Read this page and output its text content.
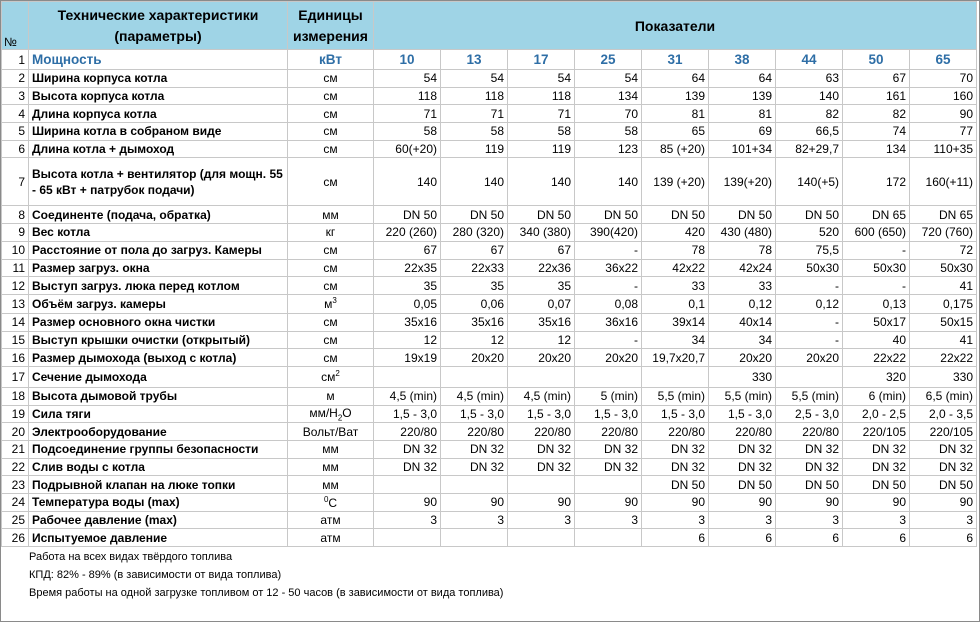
№	Технические характеристики (параметры)	Единицы измерения	Показатели								
1	Мощность	кВт	10	13	17	25	31	38	44	50	65
2	Ширина корпуса котла	см	54	54	54	54	64	64	63	67	70
3	Высота корпуса котла	см	118	118	118	134	139	139	140	161	160
4	Длина корпуса котла	см	71	71	71	70	81	81	82	82	90
5	Ширина котла в собраном виде	см	58	58	58	58	65	69	66,5	74	77
6	Длина котла + дымоход	см	60(+20)	119	119	123	85 (+20)	101+34	82+29,7	134	110+35
7	Высота котла + вентилятор (для мощн. 55 - 65 кВт + патрубок подачи)	см	140	140	140	140	139 (+20)	139(+20)	140(+5)	172	160(+11)
8	Соединенте (подача, обратка)	мм	DN 50	DN 50	DN 50	DN 50	DN 50	DN 50	DN 50	DN 65	DN 65
9	Вес котла	кг	220 (260)	280 (320)	340 (380)	390(420)	420	430 (480)	520	600 (650)	720 (760)
10	Расстояние от пола до загруз. Камеры	см	67	67	67	-	78	78	75,5	-	72
11	Размер загруз. окна	см	22х35	22х33	22х36	36х22	42х22	42х24	50х30	50х30	50х30
12	Выступ загруз. люка перед котлом	см	35	35	35	-	33	33	-	-	41
13	Объём загруз. камеры	$м^3$	0,05	0,06	0,07	0,08	0,1	0,12	0,12	0,13	0,175
14	Размер основного окна чистки	см	35х16	35х16	35х16	36х16	39х14	40х14	-	50х17	50х15
15	Выступ крышки очистки (открытый)	см	12	12	12	-	34	34	-	40	41
16	Размер дымохода (выход с котла)	см	19х19	20х20	20х20	20х20	19,7х20,7	20х20	20х20	22х22	22х22
17	Сечение дымохода	$см^2$						330		320	330
18	Высота дымовой трубы	м	4,5 (min)	4,5 (min)	4,5 (min)	5 (min)	5,5 (min)	5,5 (min)	5,5 (min)	6 (min)	6,5 (min)
19	Сила тяги	$мм/Н_2О$	1,5 - 3,0	1,5 - 3,0	1,5 - 3,0	1,5 - 3,0	1,5 - 3,0	1,5 - 3,0	2,5 - 3,0	2,0 - 2,5	2,0 - 3,5
20	Электрооборудование	Вольт/Ват	220/80	220/80	220/80	220/80	220/80	220/80	220/80	220/105	220/105
21	Подсоединение группы безопасности	мм	DN 32	DN 32	DN 32	DN 32	DN 32	DN 32	DN 32	DN 32	DN 32
22	Слив воды с котла	мм	DN 32	DN 32	DN 32	DN 32	DN 32	DN 32	DN 32	DN 32	DN 32
23	Подрывной клапан на люке топки	мм					DN 50	DN 50	DN 50	DN 50	DN 50
24	Температура воды (max)	$^0$С	90	90	90	90	90	90	90	90	90
25	Рабочее давление (max)	атм	3	3	3	3	3	3	3	3	3
26	Испытуемое давление	атм					6	6	6	6	6
Работа на всех видах твёрдого топлива
КПД: 82% - 89% (в зависимости от вида топлива)
Время работы на одной загрузке топливом от 12 - 50 часов (в зависимости от вида топлива)
